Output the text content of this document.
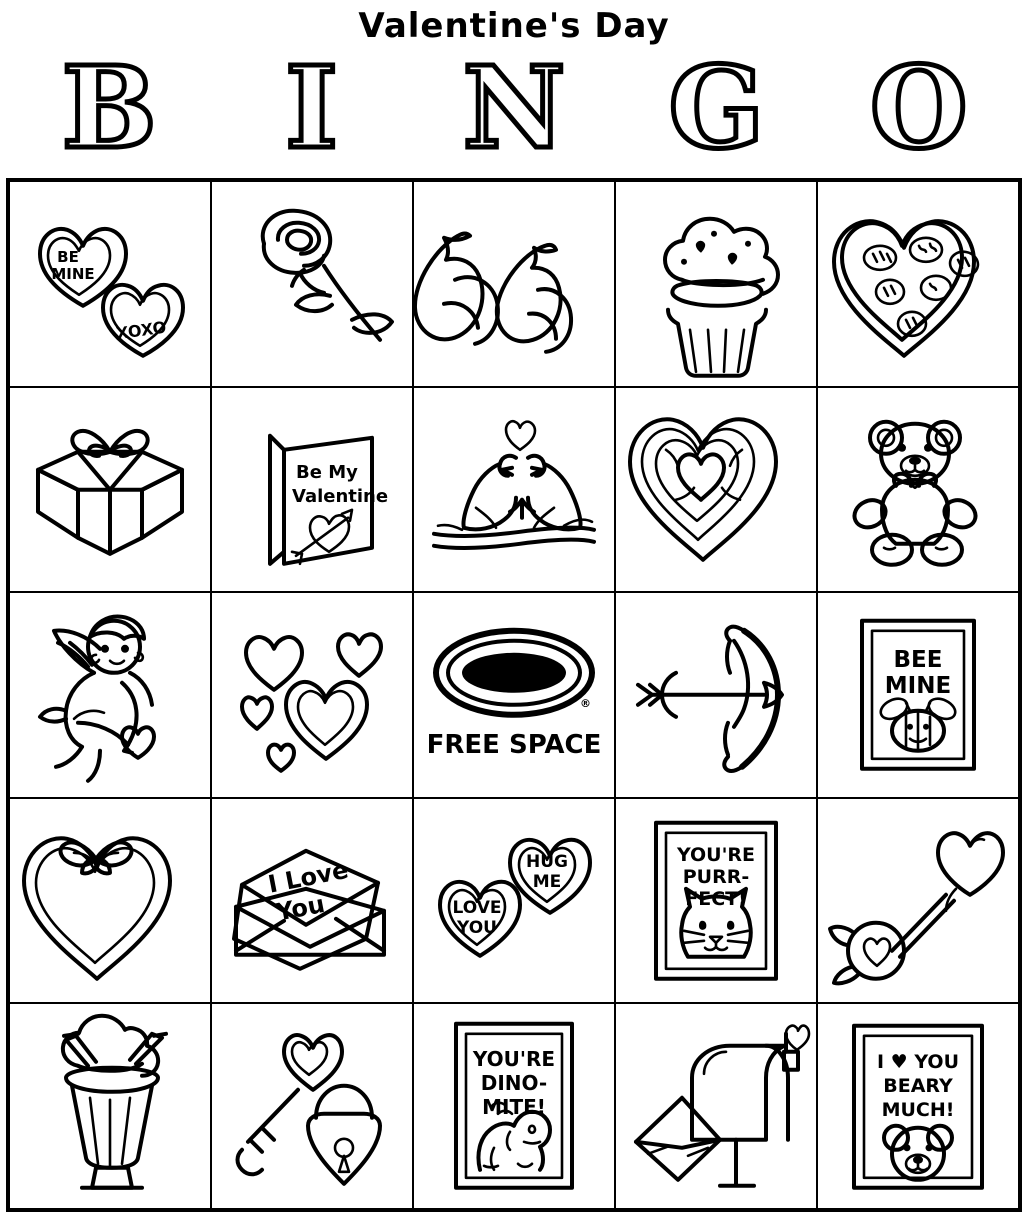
Valentine's Day
B	I	N G O
BE
MINE
XOXO
Be My
Valentine
Crayola
®
FREE SPACE
BEE
MINE
I Love
You
HUG
ME
LOVE
YOU
YOU'RE
PURR-
FECT!
YOU'RE
DINO-
MITE!
I ♥ YOU
BEARY
MUCH!
